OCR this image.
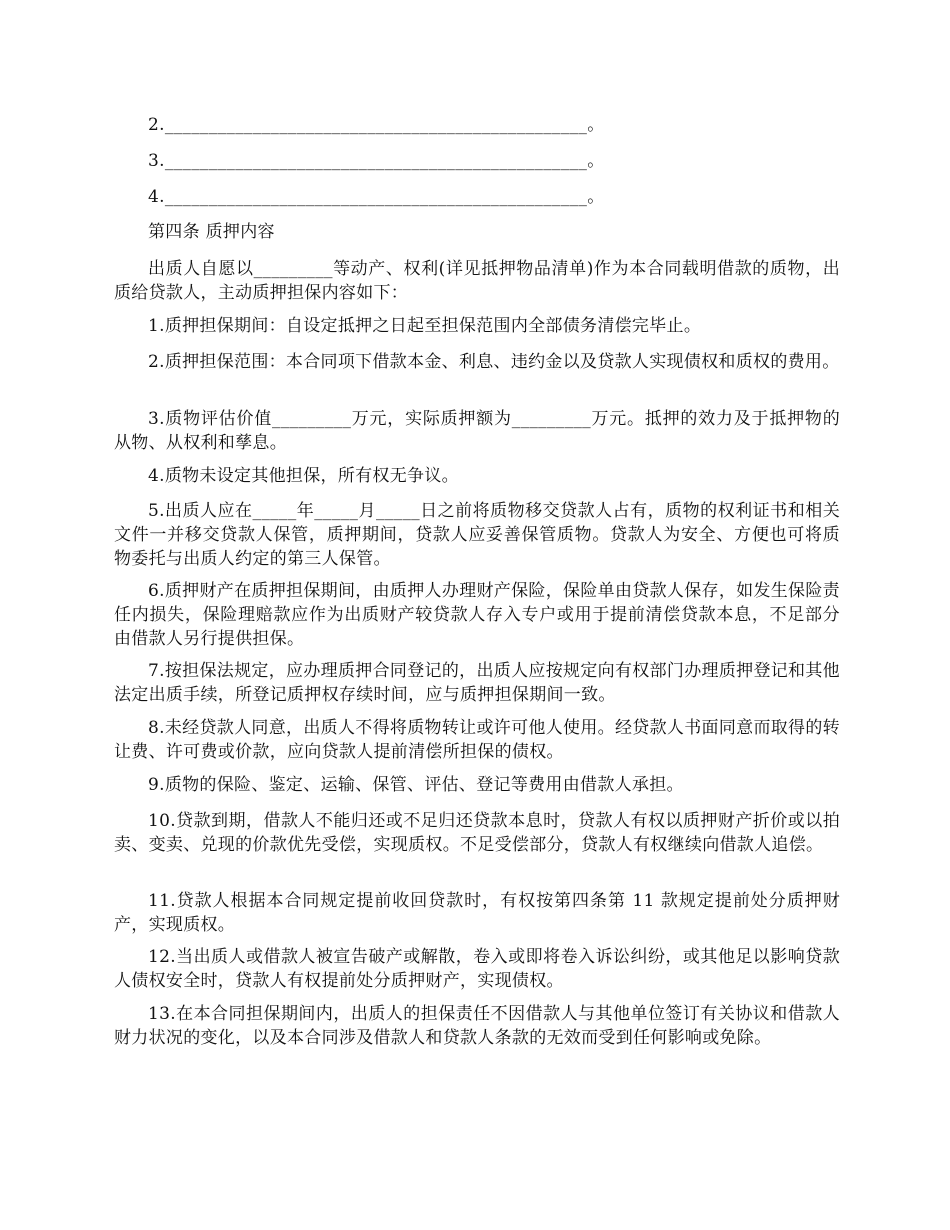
2.________________________________________________。

3.________________________________________________。

4.________________________________________________。

第四条 质押内容

出质人自愿以_________等动产、权利(详见抵押物品清单)作为本合同载明借款的质物，出质给贷款人，主动质押担保内容如下：

1.质押担保期间：自设定抵押之日起至担保范围内全部债务清偿完毕止。

2.质押担保范围：本合同项下借款本金、利息、违约金以及贷款人实现债权和质权的费用。

3.质物评估价值_________万元，实际质押额为_________万元。抵押的效力及于抵押物的从物、从权利和孳息。

4.质物未设定其他担保，所有权无争议。

5.出质人应在_____年_____月_____日之前将质物移交贷款人占有，质物的权利证书和相关文件一并移交贷款人保管，质押期间，贷款人应妥善保管质物。贷款人为安全、方便也可将质物委托与出质人约定的第三人保管。

6.质押财产在质押担保期间，由质押人办理财产保险，保险单由贷款人保存，如发生保险责任内损失，保险理赔款应作为出质财产较贷款人存入专户或用于提前清偿贷款本息，不足部分由借款人另行提供担保。

7.按担保法规定，应办理质押合同登记的，出质人应按规定向有权部门办理质押登记和其他法定出质手续，所登记质押权存续时间，应与质押担保期间一致。

8.未经贷款人同意，出质人不得将质物转让或许可他人使用。经贷款人书面同意而取得的转让费、许可费或价款，应向贷款人提前清偿所担保的债权。

9.质物的保险、鉴定、运输、保管、评估、登记等费用由借款人承担。

10.贷款到期，借款人不能归还或不足归还贷款本息时，贷款人有权以质押财产折价或以拍卖、变卖、兑现的价款优先受偿，实现质权。不足受偿部分，贷款人有权继续向借款人追偿。

11.贷款人根据本合同规定提前收回贷款时，有权按第四条第 11 款规定提前处分质押财产，实现质权。

12.当出质人或借款人被宣告破产或解散，卷入或即将卷入诉讼纠纷，或其他足以影响贷款人债权安全时，贷款人有权提前处分质押财产，实现债权。

13.在本合同担保期间内，出质人的担保责任不因借款人与其他单位签订有关协议和借款人财力状况的变化，以及本合同涉及借款人和贷款人条款的无效而受到任何影响或免除。
